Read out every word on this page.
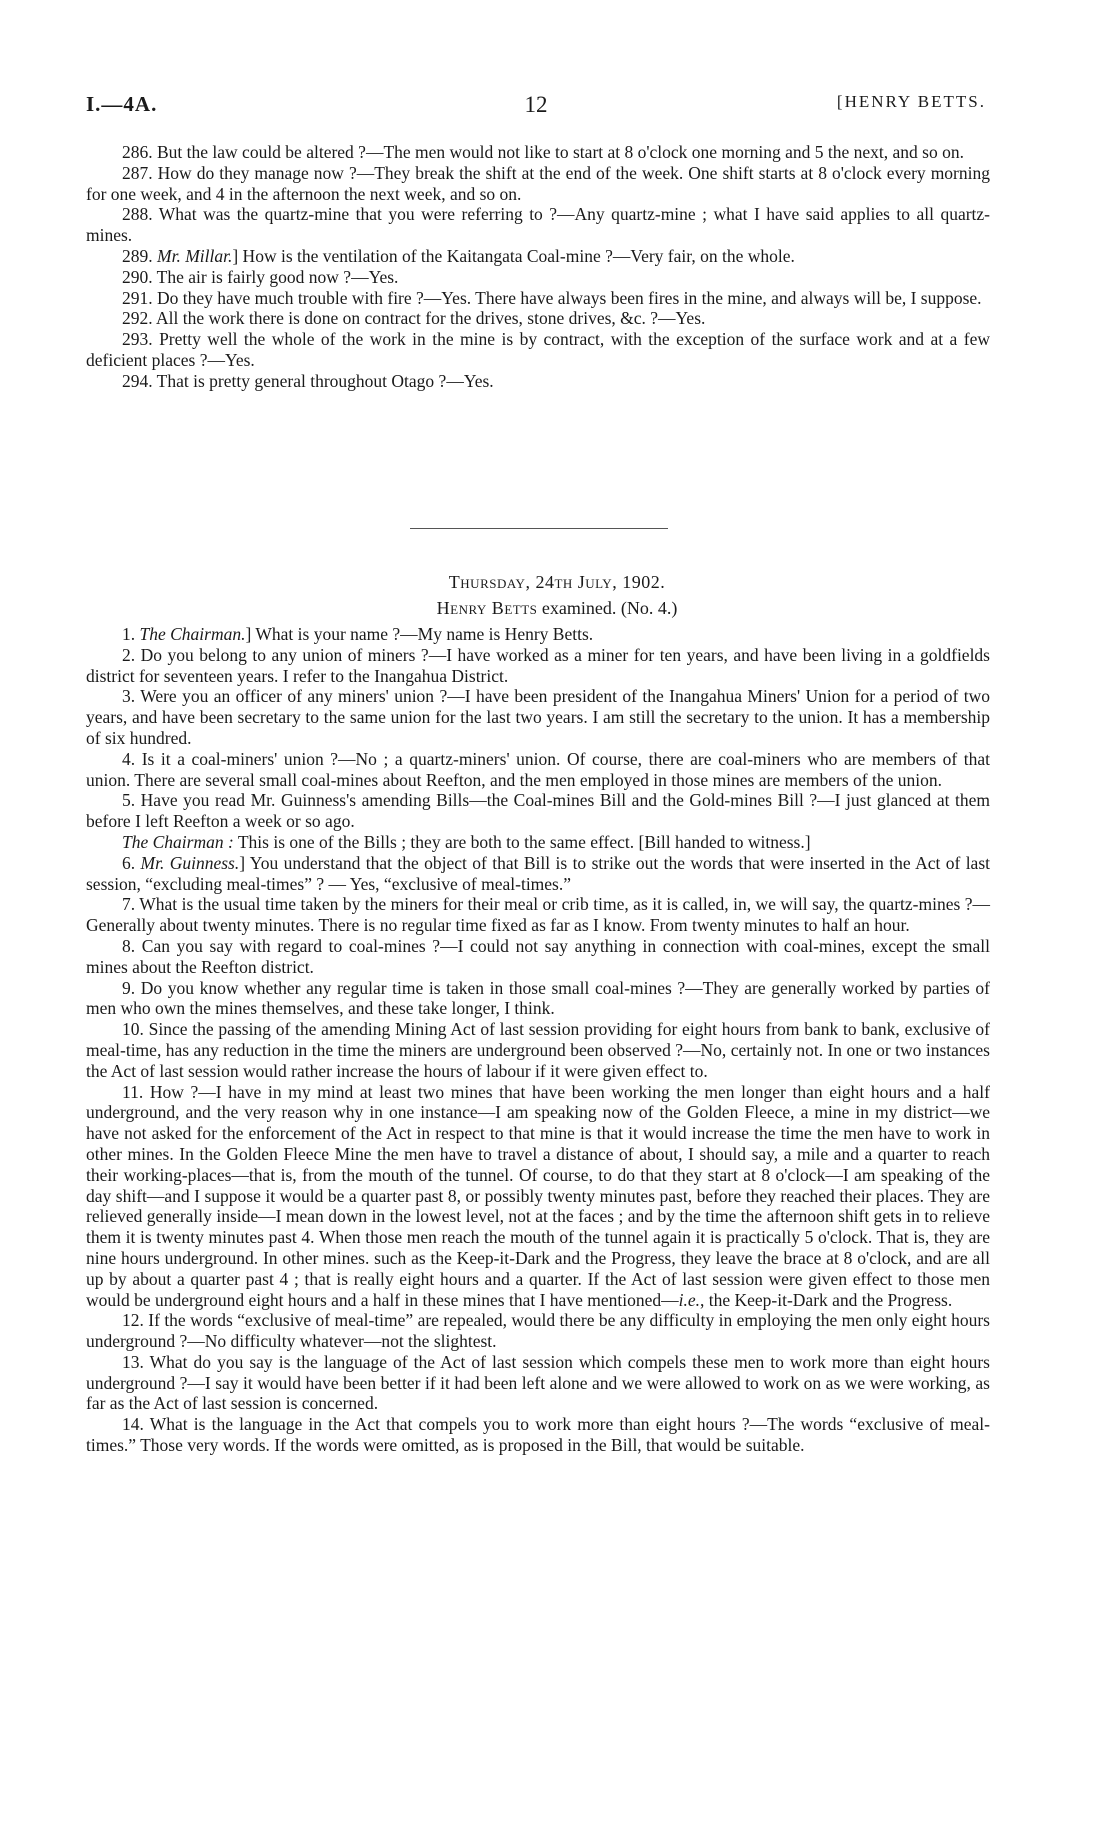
I.—4A.	12	[HENRY BETTS.

286. But the law could be altered ?—The men would not like to start at 8 o'clock one morning and 5 the next, and so on.

287. How do they manage now ?—They break the shift at the end of the week. One shift starts at 8 o'clock every morning for one week, and 4 in the afternoon the next week, and so on.

288. What was the quartz-mine that you were referring to ?—Any quartz-mine ; what I have said applies to all quartz-mines.

289. Mr. Millar.] How is the ventilation of the Kaitangata Coal-mine ?—Very fair, on the whole.

290. The air is fairly good now ?—Yes.

291. Do they have much trouble with fire ?—Yes. There have always been fires in the mine, and always will be, I suppose.

292. All the work there is done on contract for the drives, stone drives, &c. ?—Yes.

293. Pretty well the whole of the work in the mine is by contract, with the exception of the surface work and at a few deficient places ?—Yes.

294. That is pretty general throughout Otago ?—Yes.

Thursday, 24th July, 1902.
Henry Betts examined. (No. 4.)

1. The Chairman.] What is your name ?—My name is Henry Betts.

2. Do you belong to any union of miners ?—I have worked as a miner for ten years, and have been living in a goldfields district for seventeen years. I refer to the Inangahua District.

3. Were you an officer of any miners' union ?—I have been president of the Inangahua Miners' Union for a period of two years, and have been secretary to the same union for the last two years. I am still the secretary to the union. It has a membership of six hundred.

4. Is it a coal-miners' union ?—No ; a quartz-miners' union. Of course, there are coal-miners who are members of that union. There are several small coal-mines about Reefton, and the men employed in those mines are members of the union.

5. Have you read Mr. Guinness's amending Bills—the Coal-mines Bill and the Gold-mines Bill ?—I just glanced at them before I left Reefton a week or so ago.

The Chairman : This is one of the Bills ; they are both to the same effect. [Bill handed to witness.]

6. Mr. Guinness.] You understand that the object of that Bill is to strike out the words that were inserted in the Act of last session, “excluding meal-times” ? — Yes, “exclusive of meal-times.”

7. What is the usual time taken by the miners for their meal or crib time, as it is called, in, we will say, the quartz-mines ?—Generally about twenty minutes. There is no regular time fixed as far as I know. From twenty minutes to half an hour.

8. Can you say with regard to coal-mines ?—I could not say anything in connection with coal-mines, except the small mines about the Reefton district.

9. Do you know whether any regular time is taken in those small coal-mines ?—They are generally worked by parties of men who own the mines themselves, and these take longer, I think.

10. Since the passing of the amending Mining Act of last session providing for eight hours from bank to bank, exclusive of meal-time, has any reduction in the time the miners are underground been observed ?—No, certainly not. In one or two instances the Act of last session would rather increase the hours of labour if it were given effect to.

11. How ?—I have in my mind at least two mines that have been working the men longer than eight hours and a half underground, and the very reason why in one instance—I am speaking now of the Golden Fleece, a mine in my district—we have not asked for the enforcement of the Act in respect to that mine is that it would increase the time the men have to work in other mines. In the Golden Fleece Mine the men have to travel a distance of about, I should say, a mile and a quarter to reach their working-places—that is, from the mouth of the tunnel. Of course, to do that they start at 8 o'clock—I am speaking of the day shift—and I suppose it would be a quarter past 8, or possibly twenty minutes past, before they reached their places. They are relieved generally inside—I mean down in the lowest level, not at the faces ; and by the time the afternoon shift gets in to relieve them it is twenty minutes past 4. When those men reach the mouth of the tunnel again it is practically 5 o'clock. That is, they are nine hours underground. In other mines. such as the Keep-it-Dark and the Progress, they leave the brace at 8 o'clock, and are all up by about a quarter past 4 ; that is really eight hours and a quarter. If the Act of last session were given effect to those men would be underground eight hours and a half in these mines that I have mentioned—i.e., the Keep-it-Dark and the Progress.

12. If the words “exclusive of meal-time” are repealed, would there be any difficulty in employing the men only eight hours underground ?—No difficulty whatever—not the slightest.

13. What do you say is the language of the Act of last session which compels these men to work more than eight hours underground ?—I say it would have been better if it had been left alone and we were allowed to work on as we were working, as far as the Act of last session is concerned.

14. What is the language in the Act that compels you to work more than eight hours ?—The words “exclusive of meal-times.” Those very words. If the words were omitted, as is proposed in the Bill, that would be suitable.
